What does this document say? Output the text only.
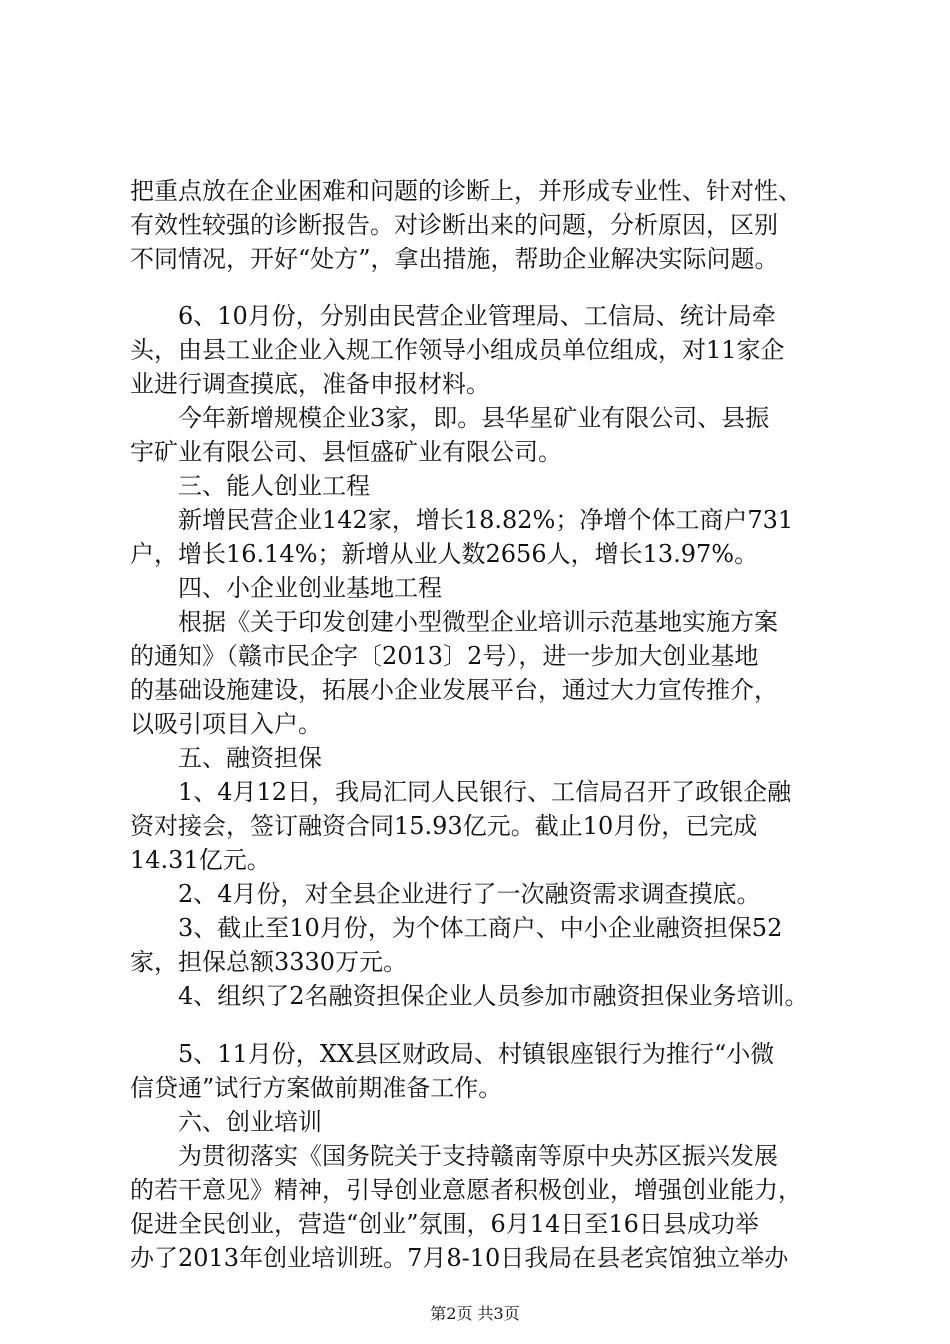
把重点放在企业困难和问题的诊断上，并形成专业性、针对性、
有效性较强的诊断报告。对诊断出来的问题，分析原因，区别
不同情况，开好“处方”，拿出措施，帮助企业解决实际问题。
　　6、10月份，分别由民营企业管理局、工信局、统计局牵
头，由县工业企业入规工作领导小组成员单位组成，对11家企
业进行调查摸底，准备申报材料。
　　今年新增规模企业3家，即。县华星矿业有限公司、县振
宇矿业有限公司、县恒盛矿业有限公司。
　　三、能人创业工程
　　新增民营企业142家，增长18.82%；净增个体工商户731
户，增长16.14%；新增从业人数2656人，增长13.97%。
　　四、小企业创业基地工程
　　根据《关于印发创建小型微型企业培训示范基地实施方案
的通知》（赣市民企字〔2013〕2号），进一步加大创业基地
的基础设施建设，拓展小企业发展平台，通过大力宣传推介，
以吸引项目入户。
　　五、融资担保
　　1、4月12日，我局汇同人民银行、工信局召开了政银企融
资对接会，签订融资合同15.93亿元。截止10月份，已完成
14.31亿元。
　　2、4月份，对全县企业进行了一次融资需求调查摸底。
　　3、截止至10月份，为个体工商户、中小企业融资担保52
家，担保总额3330万元。
　　4、组织了2名融资担保企业人员参加市融资担保业务培训。
　　5、11月份，XX县区财政局、村镇银座银行为推行“小微
信贷通”试行方案做前期准备工作。
　　六、创业培训
　　为贯彻落实《国务院关于支持赣南等原中央苏区振兴发展
的若干意见》精神，引导创业意愿者积极创业，增强创业能力，
促进全民创业，营造“创业”氛围，6月14日至16日县成功举
办了2013年创业培训班。7月8-10日我局在县老宾馆独立举办
第2页 共3页
